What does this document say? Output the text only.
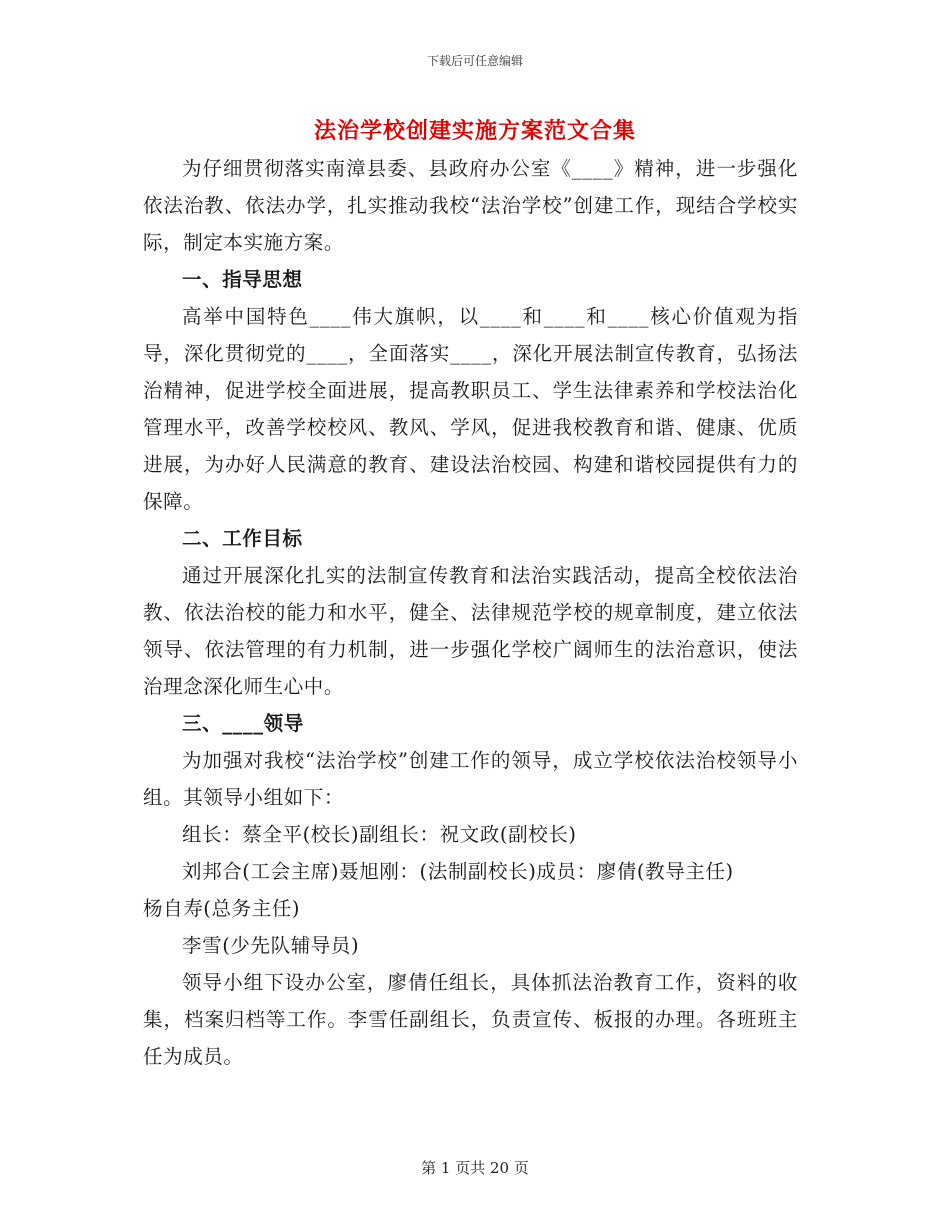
下载后可任意编辑
法治学校创建实施方案范文合集

为仔细贯彻落实南漳县委、县政府办公室《____》精神，进一步强化依法治教、依法办学，扎实推动我校“法治学校”创建工作，现结合学校实际，制定本实施方案。

一、指导思想

高举中国特色____伟大旗帜，以____和____和____核心价值观为指导，深化贯彻党的____，全面落实____，深化开展法制宣传教育，弘扬法治精神，促进学校全面进展，提高教职员工、学生法律素养和学校法治化管理水平，改善学校校风、教风、学风，促进我校教育和谐、健康、优质进展，为办好人民满意的教育、建设法治校园、构建和谐校园提供有力的保障。

二、工作目标

通过开展深化扎实的法制宣传教育和法治实践活动，提高全校依法治教、依法治校的能力和水平，健全、法律规范学校的规章制度，建立依法领导、依法管理的有力机制，进一步强化学校广阔师生的法治意识，使法治理念深化师生心中。

三、____领导

为加强对我校“法治学校”创建工作的领导，成立学校依法治校领导小组。其领导小组如下：

组长：蔡全平(校长)副组长：祝文政(副校长)

刘邦合(工会主席)聂旭刚：(法制副校长)成员：廖倩(教导主任)

杨自寿(总务主任)

李雪(少先队辅导员)

领导小组下设办公室，廖倩任组长，具体抓法治教育工作，资料的收集，档案归档等工作。李雪任副组长，负责宣传、板报的办理。各班班主任为成员。

第 1 页共 20 页
